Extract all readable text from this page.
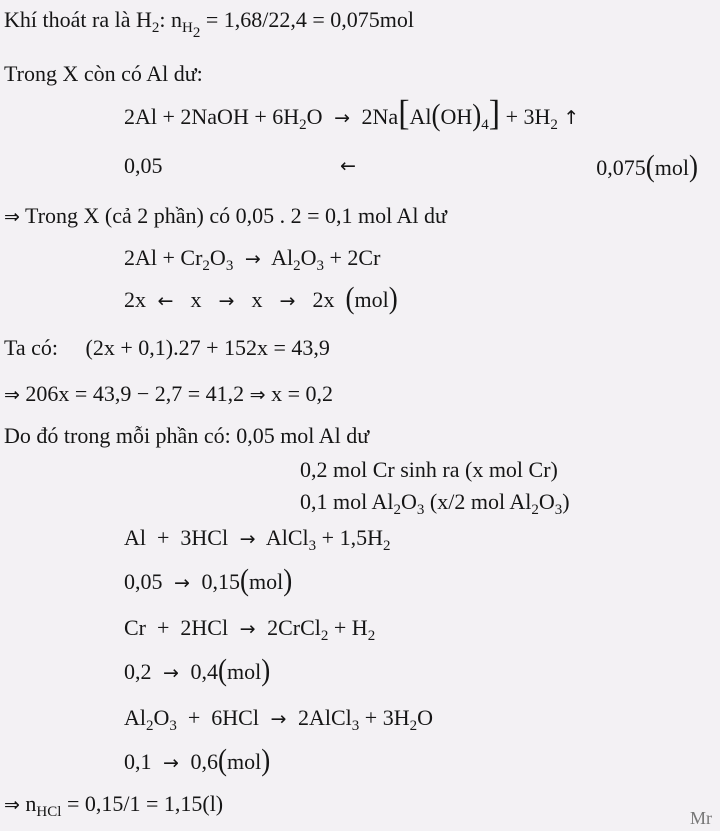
Khí thoát ra là $H_2$: $n_{H_2} = 1,68/22,4 = 0,075mol$
Trong X còn có Al dư:
2Al + 2NaOH + $6H_2O \to 2Na[Al(OH)_4] + 3H_2$ ↑
0,05	←	0,075(mol)
⇒ Trong X (cả 2 phần) có 0,05 . 2 = 0,1 mol Al dư
$2Al + Cr_2O_3 \to Al_2O_3 + 2Cr$
2x  ←   x   →   x   →   2x  (mol)
Ta có:     (2x + 0,1).27 + 152x = 43,9
⇒ 206x = 43,9 − 2,7 = 41,2 ⇒ x = 0,2
Do đó trong mỗi phần có: 0,05 mol Al dư
0,2 mol Cr sinh ra (x mol Cr)
0,1 mol $Al_2O_3$ (x/2 mol $Al_2O_3$)
Al  +  3HCl  →  AlCl$_3$ + $1,5H_2$
0,05  →  0,15(mol)
Cr  +  2HCl  →  2CrCl$_2$ + $H_2$
0,2  →  0,4(mol)
$Al_2O_3 + 6HCl$  →  2AlCl$_3$ + $3H_2O$
0,1  →  0,6(mol)
⇒ $n_{HCl} = 0,15/1 = 1,15(l)$
Mr
